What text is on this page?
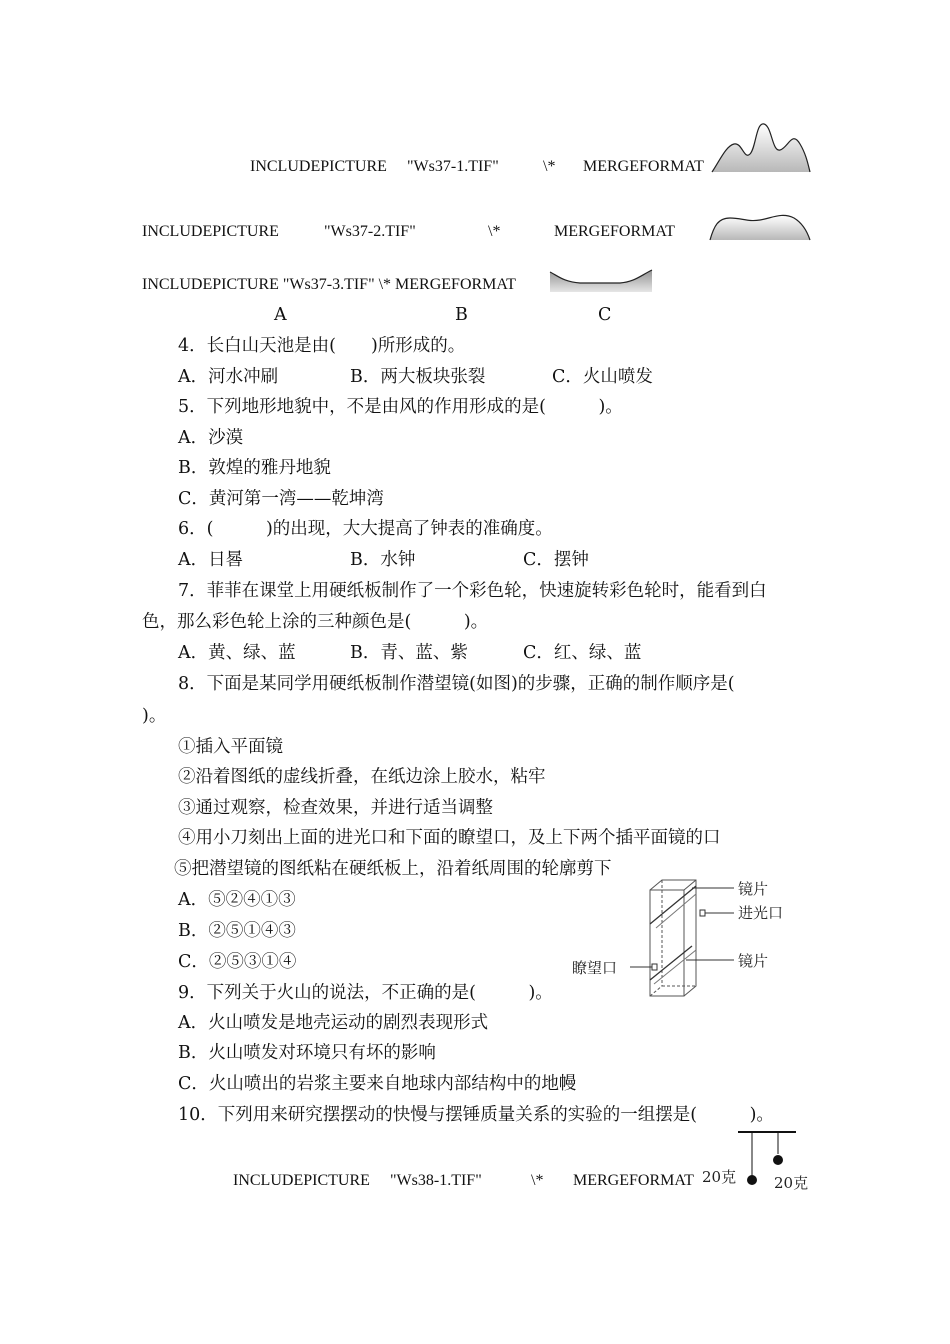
INCLUDEPICTURE "Ws37-1.TIF"	\* MERGEFORMAT
INCLUDEPICTURE	"Ws37-2.TIF"	\*	MERGEFORMAT
INCLUDEPICTURE "Ws37-3.TIF" \* MERGEFORMAT
A	B	C
4．长白山天池是由(　　)所形成的。
A．河水冲刷	B．两大板块张裂	C．火山喷发
5．下列地形地貌中，不是由风的作用形成的是(　　　)。
A．沙漠
B．敦煌的雅丹地貌
C．黄河第一湾——乾坤湾
6．(　　　)的出现，大大提高了钟表的准确度。
A．日晷	B．水钟	C．摆钟
7．菲菲在课堂上用硬纸板制作了一个彩色轮，快速旋转彩色轮时，能看到白
色，那么彩色轮上涂的三种颜色是(　　　)。
A．黄、绿、蓝	B．青、蓝、紫	C．红、绿、蓝
8．下面是某同学用硬纸板制作潜望镜(如图)的步骤，正确的制作顺序是(
)。
①插入平面镜
②沿着图纸的虚线折叠，在纸边涂上胶水，粘牢
③通过观察，检查效果，并进行适当调整
④用小刀刻出上面的进光口和下面的瞭望口，及上下两个插平面镜的口
⑤把潜望镜的图纸粘在硬纸板上，沿着纸周围的轮廓剪下
A．⑤②④①③
B．②⑤①④③
C．②⑤③①④
镜片
进光口
镜片
瞭望口
9．下列关于火山的说法，不正确的是(　　　)。
A．火山喷发是地壳运动的剧烈表现形式
B．火山喷发对环境只有坏的影响
C．火山喷出的岩浆主要来自地球内部结构中的地幔
10．下列用来研究摆摆动的快慢与摆锤质量关系的实验的一组摆是(　　　)。
INCLUDEPICTURE "Ws38-1.TIF"	\* MERGEFORMAT 20克	20克
